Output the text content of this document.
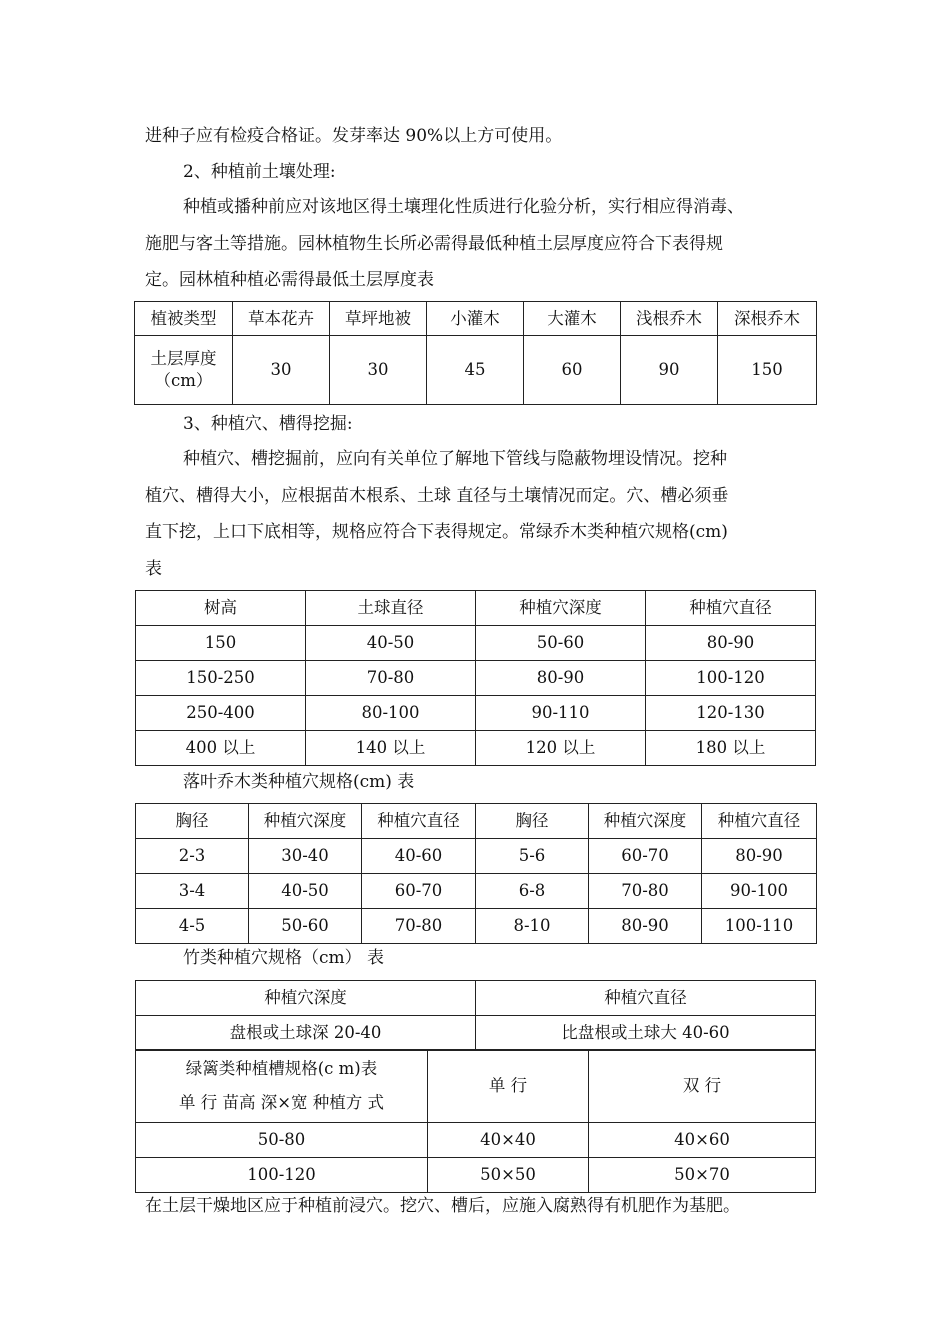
进种子应有检疫合格证。发芽率达 90%以上方可使用。
2、种植前土壤处理:
种植或播种前应对该地区得土壤理化性质进行化验分析，实行相应得消毒、
施肥与客土等措施。园林植物生长所必需得最低种植土层厚度应符合下表得规
定。园林植种植必需得最低土层厚度表
植被类型	草本花卉	草坪地被	小灌木	大灌木	浅根乔木	深根乔木

土层厚度
（cm）	30	30	45	60	90	150
3、种植穴、槽得挖掘:
种植穴、槽挖掘前，应向有关单位了解地下管线与隐蔽物埋设情况。挖种
植穴、槽得大小，应根据苗木根系、土球 直径与土壤情况而定。穴、槽必须垂
直下挖，上口下底相等，规格应符合下表得规定。常绿乔木类种植穴规格(cm)
表
树高	土球直径	种植穴深度	种植穴直径
150	40-50	50-60	80-90
150-250	70-80	80-90	100-120
250-400	80-100	90-110	120-130
400 以上	140 以上	120 以上	180 以上
落叶乔木类种植穴规格(cm) 表
胸径	种植穴深度	种植穴直径	胸径	种植穴深度	种植穴直径
2-3	30-40	40-60	5-6	60-70	80-90
3-4	40-50	60-70	6-8	70-80	90-100
4-5	50-60	70-80	8-10	80-90	100-110
竹类种植穴规格（cm） 表
种植穴深度	种植穴直径
盘根或土球深 20-40	比盘根或土球大 40-60
绿篱类种植槽规格(c m)表
单 行 苗高 深×宽 种植方 式	单 行	双 行
50-80	40×40	40×60
100-120	50×50	50×70
在土层干燥地区应于种植前浸穴。挖穴、槽后，应施入腐熟得有机肥作为基肥。
